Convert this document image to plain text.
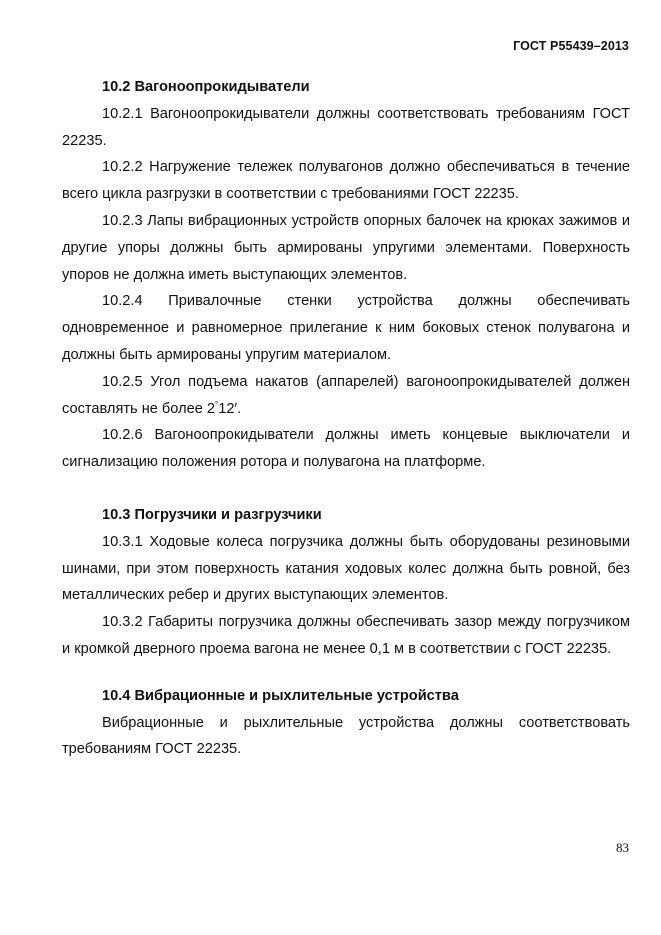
ГОСТ Р55439–2013

10.2 Вагоноопрокидыватели

10.2.1 Вагоноопрокидыватели должны соответствовать требованиям ГОСТ 22235.

10.2.2 Нагружение тележек полувагонов должно обеспечиваться в течение всего цикла разгрузки в соответствии с требованиями ГОСТ 22235.

10.2.3 Лапы вибрационных устройств опорных балочек на крюках зажимов и другие упоры должны быть армированы упругими элементами. Поверхность упоров не должна иметь выступающих элементов.

10.2.4 Привалочные стенки устройства должны обеспечивать одновременное и равномерное прилегание к ним боковых стенок полувагона и должны быть армированы упругим материалом.

10.2.5 Угол подъема накатов (аппарелей) вагоноопрокидывателей должен составлять не более 2°12′.

10.2.6 Вагоноопрокидыватели должны иметь концевые выключатели и сигнализацию положения ротора и полувагона на платформе.

10.3 Погрузчики и разгрузчики

10.3.1 Ходовые колеса погрузчика должны быть оборудованы резиновыми шинами, при этом поверхность катания ходовых колес должна быть ровной, без металлических ребер и других выступающих элементов.

10.3.2 Габариты погрузчика должны обеспечивать зазор между погрузчиком и кромкой дверного проема вагона не менее 0,1 м в соответствии с ГОСТ 22235.

10.4 Вибрационные и рыхлительные устройства

Вибрационные и рыхлительные устройства должны соответствовать требованиям ГОСТ 22235.

83
